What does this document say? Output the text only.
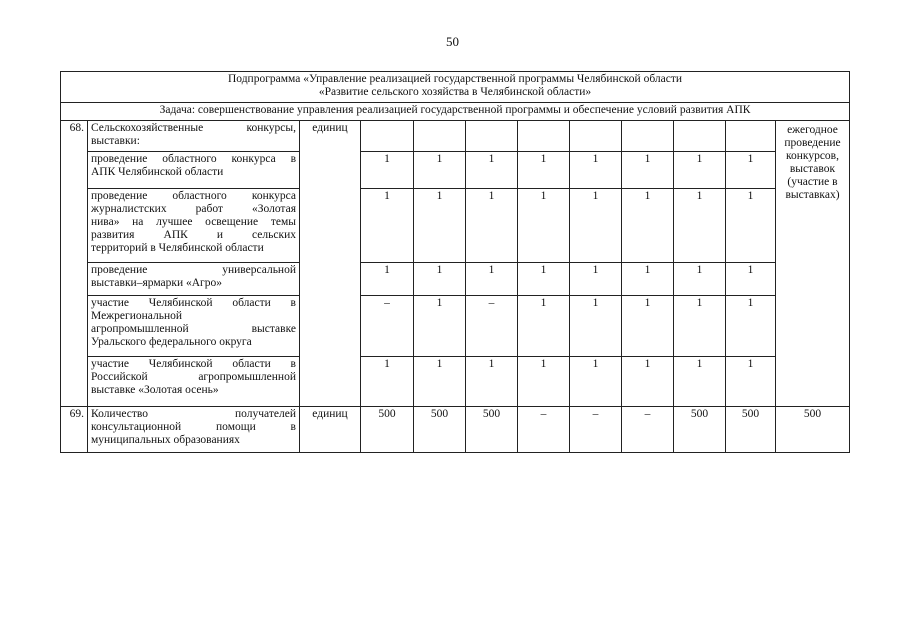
50
Подпрограмма «Управление реализацией государственной программы Челябинской области
«Развитие сельского хозяйства в Челябинской области»											

Задача: совершенствование управления реализацией государственной программы и обеспечение условий развития АПК											
68.	Сельскохозяйственные конкурсы,
выставки:	единиц									ежегодное проведение конкурсов, выставок (участие в выставках)

	проведение областного конкурса в
АПК Челябинской области		1	1	1	1	1	1	1	1	

	проведение областного конкурса
журналистских работ «Золотая
нива» на лучшее освещение темы
развития АПК и сельских
территорий в Челябинской области		1	1	1	1	1	1	1	1	

	проведение универсальной
выставки–ярмарки «Агро»		1	1	1	1	1	1	1	1	

	участие Челябинской области в
Межрегиональной
агропромышленной выставке
Уральского федерального округа		–	1	–	1	1	1	1	1	

	участие Челябинской области в
Российской агропромышленной
выставке «Золотая осень»		1	1	1	1	1	1	1	1	
69.	Количество получателей
консультационной помощи в
муниципальных образованиях	единиц	500	500	500	–	–	–	500	500	500
